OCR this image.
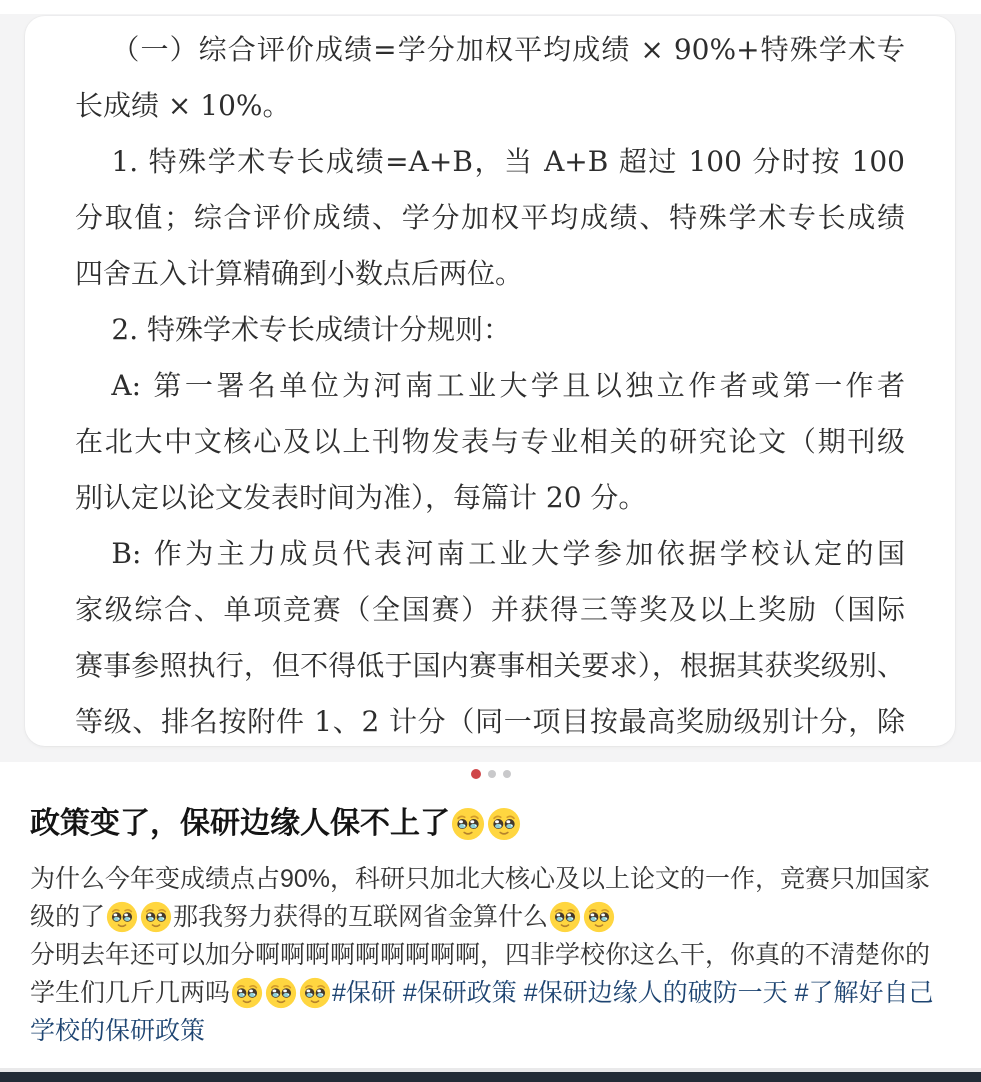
（一）综合评价成绩=学分加权平均成绩 × 90%+特殊学术专
长成绩 × 10%。
1. 特殊学术专长成绩=A+B，当 A+B 超过 100 分时按 100
分取值；综合评价成绩、学分加权平均成绩、特殊学术专长成绩
四舍五入计算精确到小数点后两位。
2. 特殊学术专长成绩计分规则：
A: 第一署名单位为河南工业大学且以独立作者或第一作者
在北大中文核心及以上刊物发表与专业相关的研究论文（期刊级
别认定以论文发表时间为准），每篇计 20 分。
B: 作为主力成员代表河南工业大学参加依据学校认定的国
家级综合、单项竞赛（全国赛）并获得三等奖及以上奖励（国际
赛事参照执行，但不得低于国内赛事相关要求），根据其获奖级别、
等级、排名按附件 1、2 计分（同一项目按最高奖励级别计分，除
政策变了，保研边缘人保不上了
为什么今年变成绩点占90%，科研只加北大核心及以上论文的一作，竞赛只加国家级的了	那我努力获得的互联网省金算什么

分明去年还可以加分啊啊啊啊啊啊啊啊啊，四非学校你这么干，你真的不清楚你的学生们几斤几两吗	#保研 #保研政策 #保研边缘人的破防一天 #了解好自己学校的保研政策
